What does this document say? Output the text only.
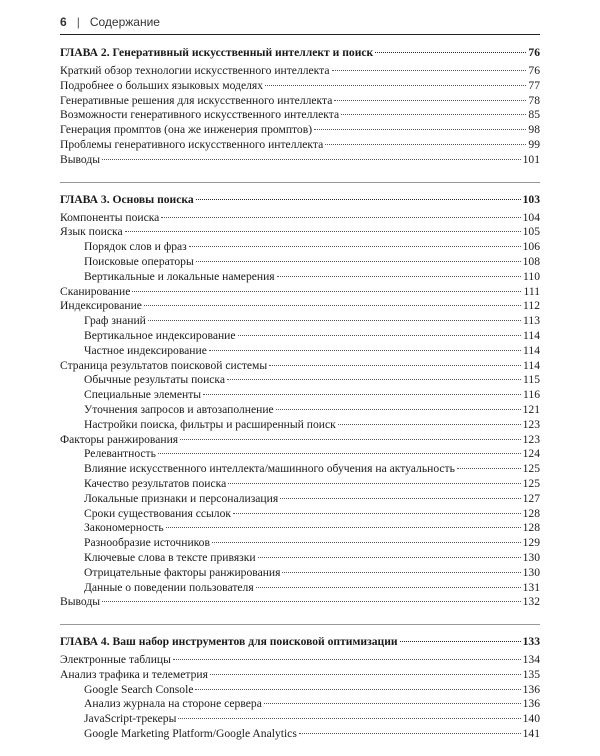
6 | Содержание
ГЛАВА 2. Генеративный искусственный интеллект и поиск	76
Краткий обзор технологии искусственного интеллекта	76
Подробнее о больших языковых моделях	77
Генеративные решения для искусственного интеллекта	78
Возможности генеративного искусственного интеллекта	85
Генерация промптов (она же инженерия промптов)	98
Проблемы генеративного искусственного интеллекта	99
Выводы	101
ГЛАВА 3. Основы поиска	103
Компоненты поиска	104
Язык поиска	105
Порядок слов и фраз	106
Поисковые операторы	108
Вертикальные и локальные намерения	110
Сканирование	111
Индексирование	112
Граф знаний	113
Вертикальное индексирование	114
Частное индексирование	114
Страница результатов поисковой системы	114
Обычные результаты поиска	115
Специальные элементы	116
Уточнения запросов и автозаполнение	121
Настройки поиска, фильтры и расширенный поиск	123
Факторы ранжирования	123
Релевантность	124
Влияние искусственного интеллекта/машинного обучения на актуальность	125
Качество результатов поиска	125
Локальные признаки и персонализация	127
Сроки существования ссылок	128
Закономерность	128
Разнообразие источников	129
Ключевые слова в тексте привязки	130
Отрицательные факторы ранжирования	130
Данные о поведении пользователя	131
Выводы	132
ГЛАВА 4. Ваш набор инструментов для поисковой оптимизации	133
Электронные таблицы	134
Анализ трафика и телеметрия	135
Google Search Console	136
Анализ журнала на стороне сервера	136
JavaScript-трекеры	140
Google Marketing Platform/Google Analytics	141
